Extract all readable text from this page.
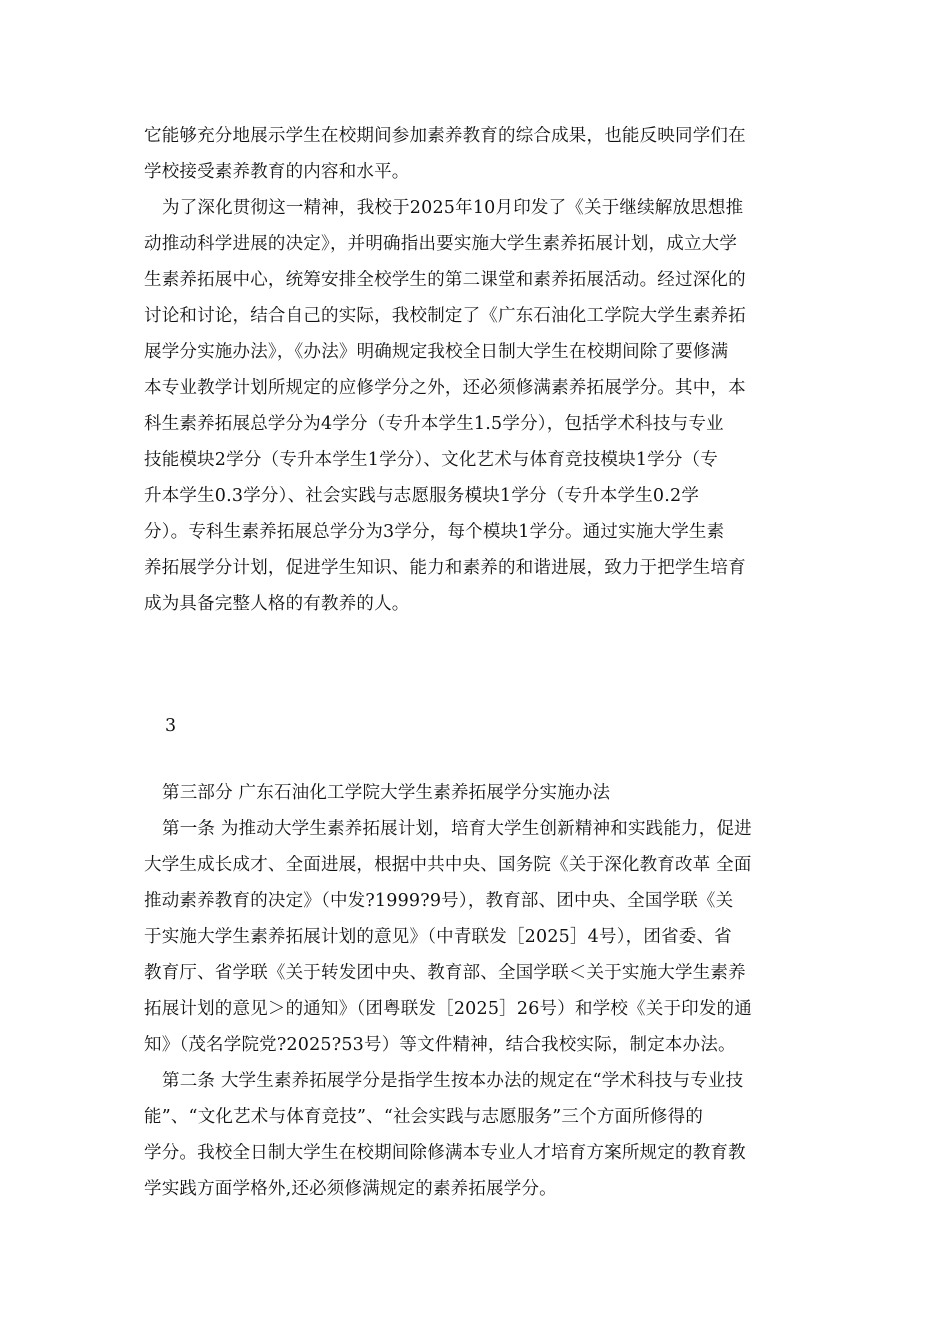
它能够充分地展示学生在校期间参加素养教育的综合成果，也能反映同学们在
学校接受素养教育的内容和水平。
为了深化贯彻这一精神，我校于2025年10月印发了《关于继续解放思想推
动推动科学进展的决定》，并明确指出要实施大学生素养拓展计划，成立大学
生素养拓展中心，统筹安排全校学生的第二课堂和素养拓展活动。经过深化的
讨论和讨论，结合自己的实际，我校制定了《广东石油化工学院大学生素养拓
展学分实施办法》，《办法》明确规定我校全日制大学生在校期间除了要修满
本专业教学计划所规定的应修学分之外，还必须修满素养拓展学分。其中，本
科生素养拓展总学分为4学分（专升本学生1.5学分），包括学术科技与专业
技能模块2学分（专升本学生1学分）、文化艺术与体育竞技模块1学分（专
升本学生0.3学分）、社会实践与志愿服务模块1学分（专升本学生0.2学
分）。专科生素养拓展总学分为3学分，每个模块1学分。通过实施大学生素
养拓展学分计划，促进学生知识、能力和素养的和谐进展，致力于把学生培育
成为具备完整人格的有教养的人。
3
第三部分 广东石油化工学院大学生素养拓展学分实施办法
第一条 为推动大学生素养拓展计划，培育大学生创新精神和实践能力，促进
大学生成长成才、全面进展，根据中共中央、国务院《关于深化教育改革 全面
推动素养教育的决定》（中发?1999?9号），教育部、团中央、全国学联《关
于实施大学生素养拓展计划的意见》（中青联发［2025］4号），团省委、省
教育厅、省学联《关于转发团中央、教育部、全国学联＜关于实施大学生素养
拓展计划的意见＞的通知》（团粤联发［2025］26号）和学校《关于印发的通
知》（茂名学院党?2025?53号）等文件精神，结合我校实际，制定本办法。
第二条 大学生素养拓展学分是指学生按本办法的规定在“学术科技与专业技
能”、“文化艺术与体育竞技”、“社会实践与志愿服务”三个方面所修得的
学分。我校全日制大学生在校期间除修满本专业人才培育方案所规定的教育教
学实践方面学格外,还必须修满规定的素养拓展学分。
